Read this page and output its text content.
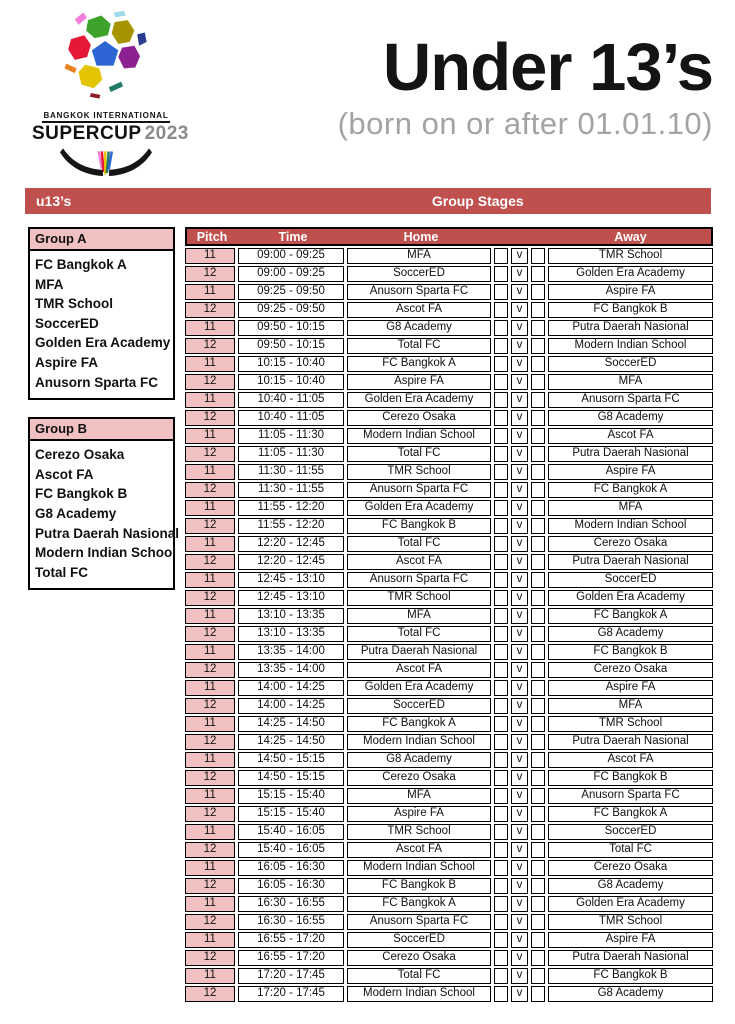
BANGKOK INTERNATIONAL
SUPERCUP 2023
Under 13’s
(born on or after 01.01.10)
u13’s	Group Stages
Group A
FC Bangkok A
MFA
TMR School
SoccerED
Golden Era Academy
Aspire FA
Anusorn Sparta FC
Group B
Cerezo Osaka
Ascot FA
FC Bangkok B
G8 Academy
Putra Daerah Nasional
Modern Indian School
Total FC
Pitch	Time	Home	Away
11	09:00 - 09:25	MFA	v	TMR School
12	09:00 - 09:25	SoccerED	v	Golden Era Academy
11	09:25 - 09:50	Anusorn Sparta FC	v	Aspire FA
12	09:25 - 09:50	Ascot FA	v	FC Bangkok B
11	09:50 - 10:15	G8 Academy	v	Putra Daerah Nasional
12	09:50 - 10:15	Total FC	v	Modern Indian School
11	10:15 - 10:40	FC Bangkok A	v	SoccerED
12	10:15 - 10:40	Aspire FA	v	MFA
11	10:40 - 11:05	Golden Era Academy	v	Anusorn Sparta FC
12	10:40 - 11:05	Cerezo Osaka	v	G8 Academy
11	11:05 - 11:30	Modern Indian School	v	Ascot FA
12	11:05 - 11:30	Total FC	v	Putra Daerah Nasional
11	11:30 - 11:55	TMR School	v	Aspire FA
12	11:30 - 11:55	Anusorn Sparta FC	v	FC Bangkok A
11	11:55 - 12:20	Golden Era Academy	v	MFA
12	11:55 - 12:20	FC Bangkok B	v	Modern Indian School
11	12:20 - 12:45	Total FC	v	Cerezo Osaka
12	12:20 - 12:45	Ascot FA	v	Putra Daerah Nasional
11	12:45 - 13:10	Anusorn Sparta FC	v	SoccerED
12	12:45 - 13:10	TMR School	v	Golden Era Academy
11	13:10 - 13:35	MFA	v	FC Bangkok A
12	13:10 - 13:35	Total FC	v	G8 Academy
11	13:35 - 14:00	Putra Daerah Nasional	v	FC Bangkok B
12	13:35 - 14:00	Ascot FA	v	Cerezo Osaka
11	14:00 - 14:25	Golden Era Academy	v	Aspire FA
12	14:00 - 14:25	SoccerED	v	MFA
11	14:25 - 14:50	FC Bangkok A	v	TMR School
12	14:25 - 14:50	Modern Indian School	v	Putra Daerah Nasional
11	14:50 - 15:15	G8 Academy	v	Ascot FA
12	14:50 - 15:15	Cerezo Osaka	v	FC Bangkok B
11	15:15 - 15:40	MFA	v	Anusorn Sparta FC
12	15:15 - 15:40	Aspire FA	v	FC Bangkok A
11	15:40 - 16:05	TMR School	v	SoccerED
12	15:40 - 16:05	Ascot FA	v	Total FC
11	16:05 - 16:30	Modern Indian School	v	Cerezo Osaka
12	16:05 - 16:30	FC Bangkok B	v	G8 Academy
11	16:30 - 16:55	FC Bangkok A	v	Golden Era Academy
12	16:30 - 16:55	Anusorn Sparta FC	v	TMR School
11	16:55 - 17:20	SoccerED	v	Aspire FA
12	16:55 - 17:20	Cerezo Osaka	v	Putra Daerah Nasional
11	17:20 - 17:45	Total FC	v	FC Bangkok B
12	17:20 - 17:45	Modern Indian School	v	G8 Academy
